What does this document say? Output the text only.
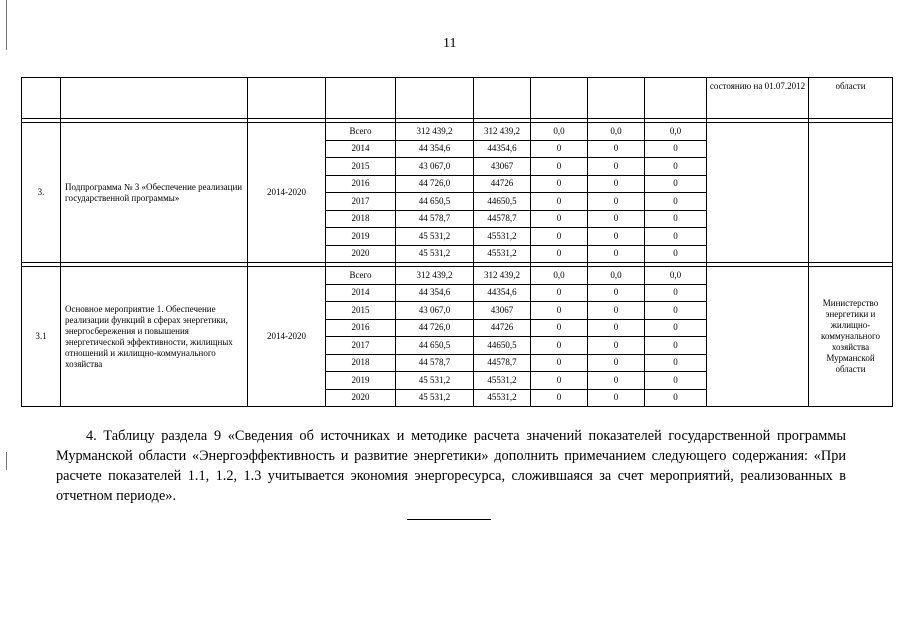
11
									состоянию на 01.07.2012	области

3.	Подпрограмма № 3 «Обеспечение реализации государственной программы»	2014-2020	Всего	312 439,2	312 439,2	0,0	0,0	0,0		
			2014	44 354,6	44354,6	0	0	0		
			2015	43 067,0	43067	0	0	0		
			2016	44 726,0	44726	0	0	0		
			2017	44 650,5	44650,5	0	0	0		
			2018	44 578,7	44578,7	0	0	0		
			2019	45 531,2	45531,2	0	0	0		
			2020	45 531,2	45531,2	0	0	0		

3.1	Основное мероприятие 1. Обеспечение реализации функций в сферах энергетики, энергосбережения и повышения энергетической эффективности, жилищных отношений и жилищно-коммунального хозяйства	2014-2020	Всего	312 439,2	312 439,2	0,0	0,0	0,0		Министерство энергетики и жилищно-коммунального хозяйства Мурманской области
			2014	44 354,6	44354,6	0	0	0		
			2015	43 067,0	43067	0	0	0		
			2016	44 726,0	44726	0	0	0		
			2017	44 650,5	44650,5	0	0	0		
			2018	44 578,7	44578,7	0	0	0		
			2019	45 531,2	45531,2	0	0	0		
			2020	45 531,2	45531,2	0	0	0		
4. Таблицу раздела 9 «Сведения об источниках и методике расчета значений показателей государственной программы Мурманской области «Энергоэффективность и развитие энергетики» дополнить примечанием следующего содержания: «При расчете показателей 1.1, 1.2, 1.3 учитывается экономия энергоресурса, сложившаяся за счет мероприятий, реализованных в отчетном периоде».
